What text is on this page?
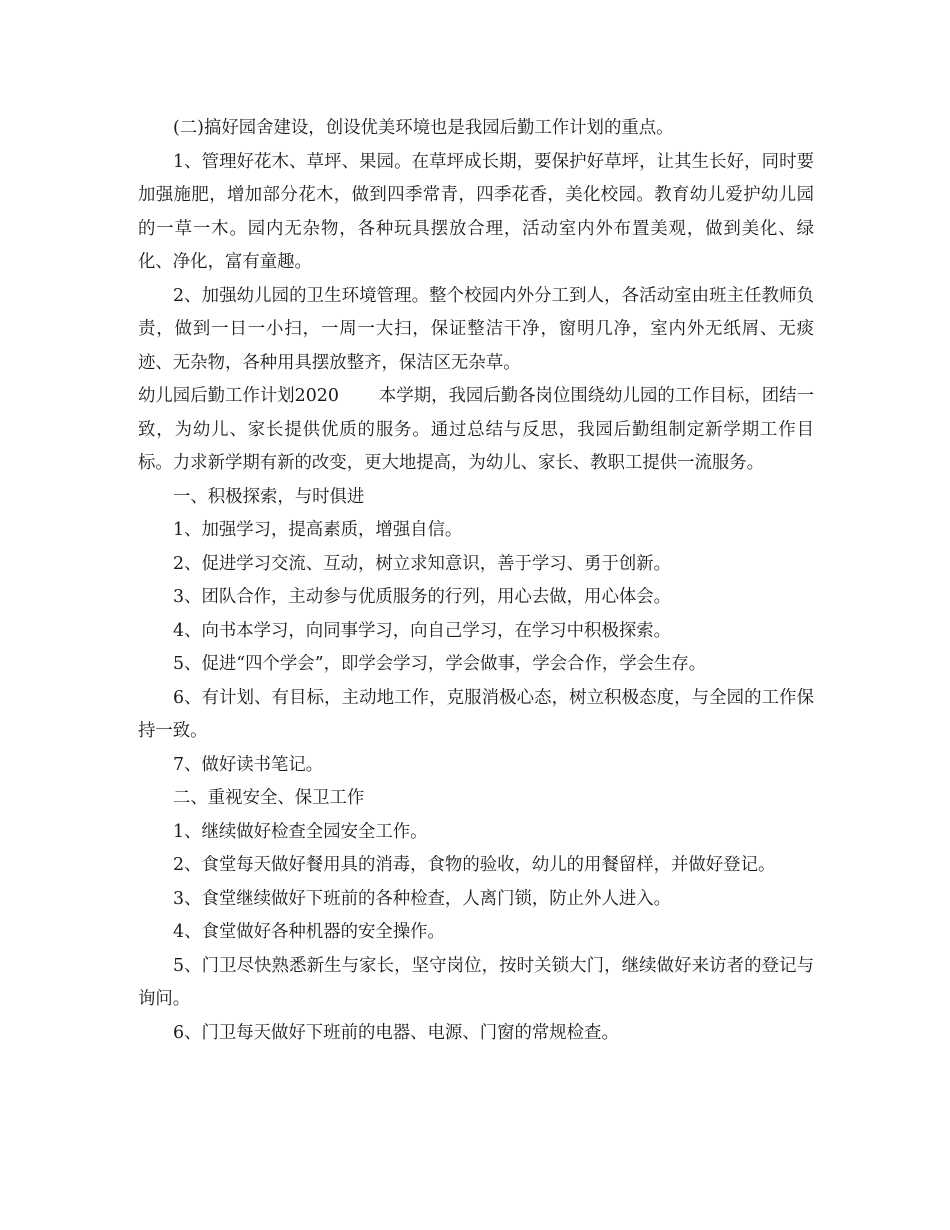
(二)搞好园舍建设，创设优美环境也是我园后勤工作计划的重点。

1、管理好花木、草坪、果园。在草坪成长期，要保护好草坪，让其生长好，同时要加强施肥，增加部分花木，做到四季常青，四季花香，美化校园。教育幼儿爱护幼儿园的一草一木。园内无杂物，各种玩具摆放合理，活动室内外布置美观，做到美化、绿化、净化，富有童趣。

2、加强幼儿园的卫生环境管理。整个校园内外分工到人，各活动室由班主任教师负责，做到一日一小扫，一周一大扫，保证整洁干净，窗明几净，室内外无纸屑、无痰迹、无杂物，各种用具摆放整齐，保洁区无杂草。

幼儿园后勤工作计划2020 本学期，我园后勤各岗位围绕幼儿园的工作目标，团结一致，为幼儿、家长提供优质的服务。通过总结与反思，我园后勤组制定新学期工作目标。力求新学期有新的改变，更大地提高，为幼儿、家长、教职工提供一流服务。

一、积极探索，与时俱进

1、加强学习，提高素质，增强自信。

2、促进学习交流、互动，树立求知意识，善于学习、勇于创新。

3、团队合作，主动参与优质服务的行列，用心去做，用心体会。

4、向书本学习，向同事学习，向自己学习，在学习中积极探索。

5、促进“四个学会”，即学会学习，学会做事，学会合作，学会生存。

6、有计划、有目标，主动地工作，克服消极心态，树立积极态度，与全园的工作保持一致。

7、做好读书笔记。

二、重视安全、保卫工作

1、继续做好检查全园安全工作。

2、食堂每天做好餐用具的消毒，食物的验收，幼儿的用餐留样，并做好登记。

3、食堂继续做好下班前的各种检查，人离门锁，防止外人进入。

4、食堂做好各种机器的安全操作。

5、门卫尽快熟悉新生与家长，坚守岗位，按时关锁大门，继续做好来访者的登记与询问。

6、门卫每天做好下班前的电器、电源、门窗的常规检查。
